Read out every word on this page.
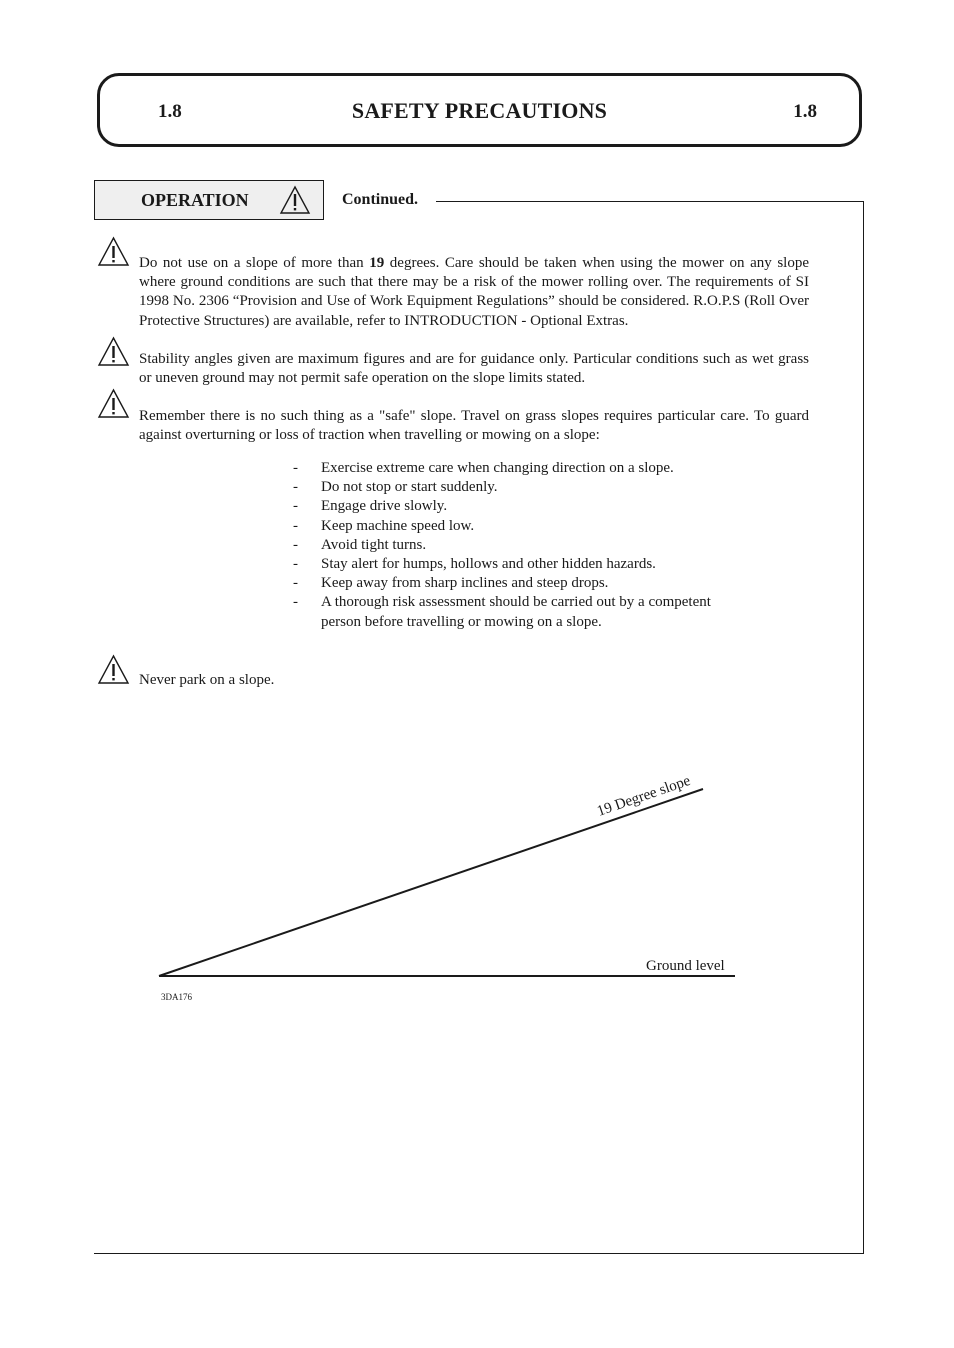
1.8	SAFETY PRECAUTIONS	1.8
OPERATION	Continued.
Do not use on a slope of more than 19 degrees. Care should be taken when using the mower on any slope where ground conditions are such that there may be a risk of the mower rolling over. The requirements of SI 1998 No. 2306 “Provision and Use of Work Equipment Regulations” should be considered. R.O.P.S (Roll Over Protective Structures) are available, refer to INTRODUCTION - Optional Extras.
Stability angles given are maximum figures and are for guidance only. Particular conditions such as wet grass or uneven ground may not permit safe operation on the slope limits stated.
Remember there is no such thing as a "safe" slope. Travel on grass slopes requires particular care. To guard against overturning or loss of traction when travelling or mowing on a slope:
- Exercise extreme care when changing direction on a slope.
- Do not stop or start suddenly.
- Engage drive slowly.
- Keep machine speed low.
- Avoid tight turns.
- Stay alert for humps, hollows and other hidden hazards.
- Keep away from sharp inclines and steep drops.
- A thorough risk assessment should be carried out by a competent person before travelling or mowing on a slope.
Never park on a slope.
Ground level
19 Degree slope
3DA176
